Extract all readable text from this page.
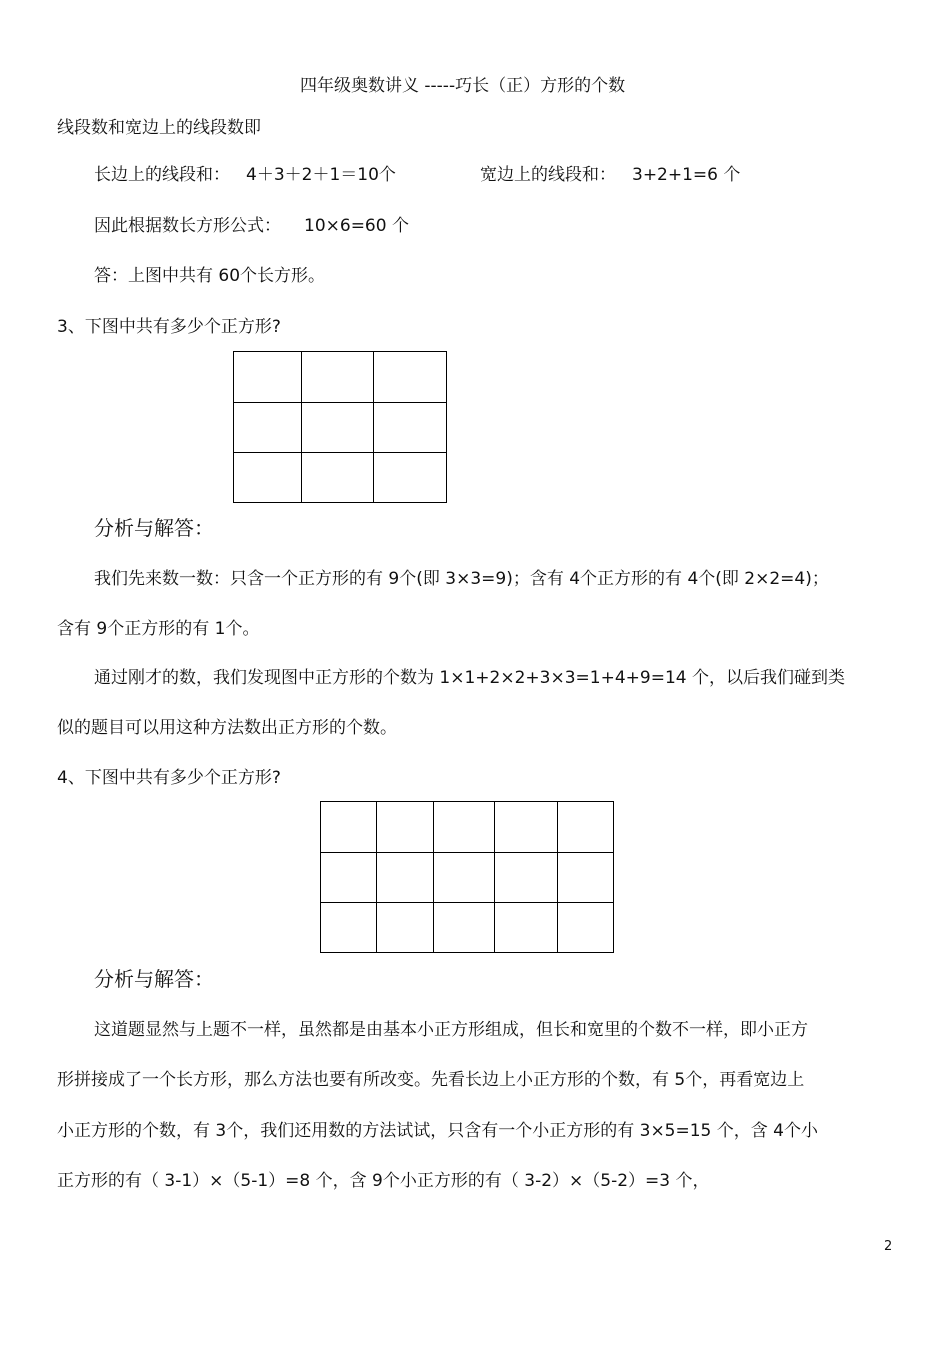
四年级奥数讲义 -----巧长（正）方形的个数
线段数和宽边上的线段数即
长边上的线段和： 4＋3＋2＋1＝10个	宽边上的线段和： 3+2+1=6 个
因此根据数长方形公式： 10×6=60 个
答：上图中共有 60个长方形。
3、下图中共有多少个正方形?
分析与解答：
我们先来数一数：只含一个正方形的有 9个(即 3×3=9)；含有 4个正方形的有 4个(即 2×2=4)；
含有 9个正方形的有 1个。
通过刚才的数，我们发现图中正方形的个数为 1×1+2×2+3×3=1+4+9=14 个，以后我们碰到类
似的题目可以用这种方法数出正方形的个数。
4、下图中共有多少个正方形?
分析与解答：
这道题显然与上题不一样，虽然都是由基本小正方形组成，但长和宽里的个数不一样，即小正方
形拼接成了一个长方形，那么方法也要有所改变。先看长边上小正方形的个数，有 5个，再看宽边上
小正方形的个数，有 3个，我们还用数的方法试试，只含有一个小正方形的有 3×5=15 个，含 4个小
正方形的有（ 3-1）×（5-1）=8 个，含 9个小正方形的有（ 3-2）×（5-2）=3 个，
2
